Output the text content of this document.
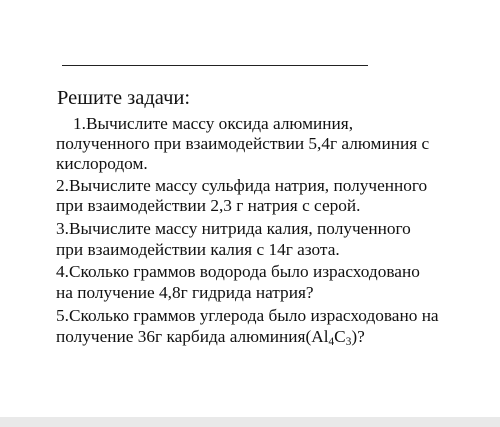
Решите задачи:
1.Вычислите массу оксида алюминия,
полученного при взаимодействии 5,4г алюминия с
кислородом.
2.Вычислите массу сульфида натрия, полученного
при взаимодействии 2,3 г натрия с серой.
3.Вычислите массу нитрида калия, полученного
при взаимодействии калия с 14г азота.
4.Сколько граммов водорода было израсходовано
на получение 4,8г гидрида натрия?
5.Сколько граммов углерода было израсходовано на
получение 36г карбида $алюминия(Al_4C_3)$?
